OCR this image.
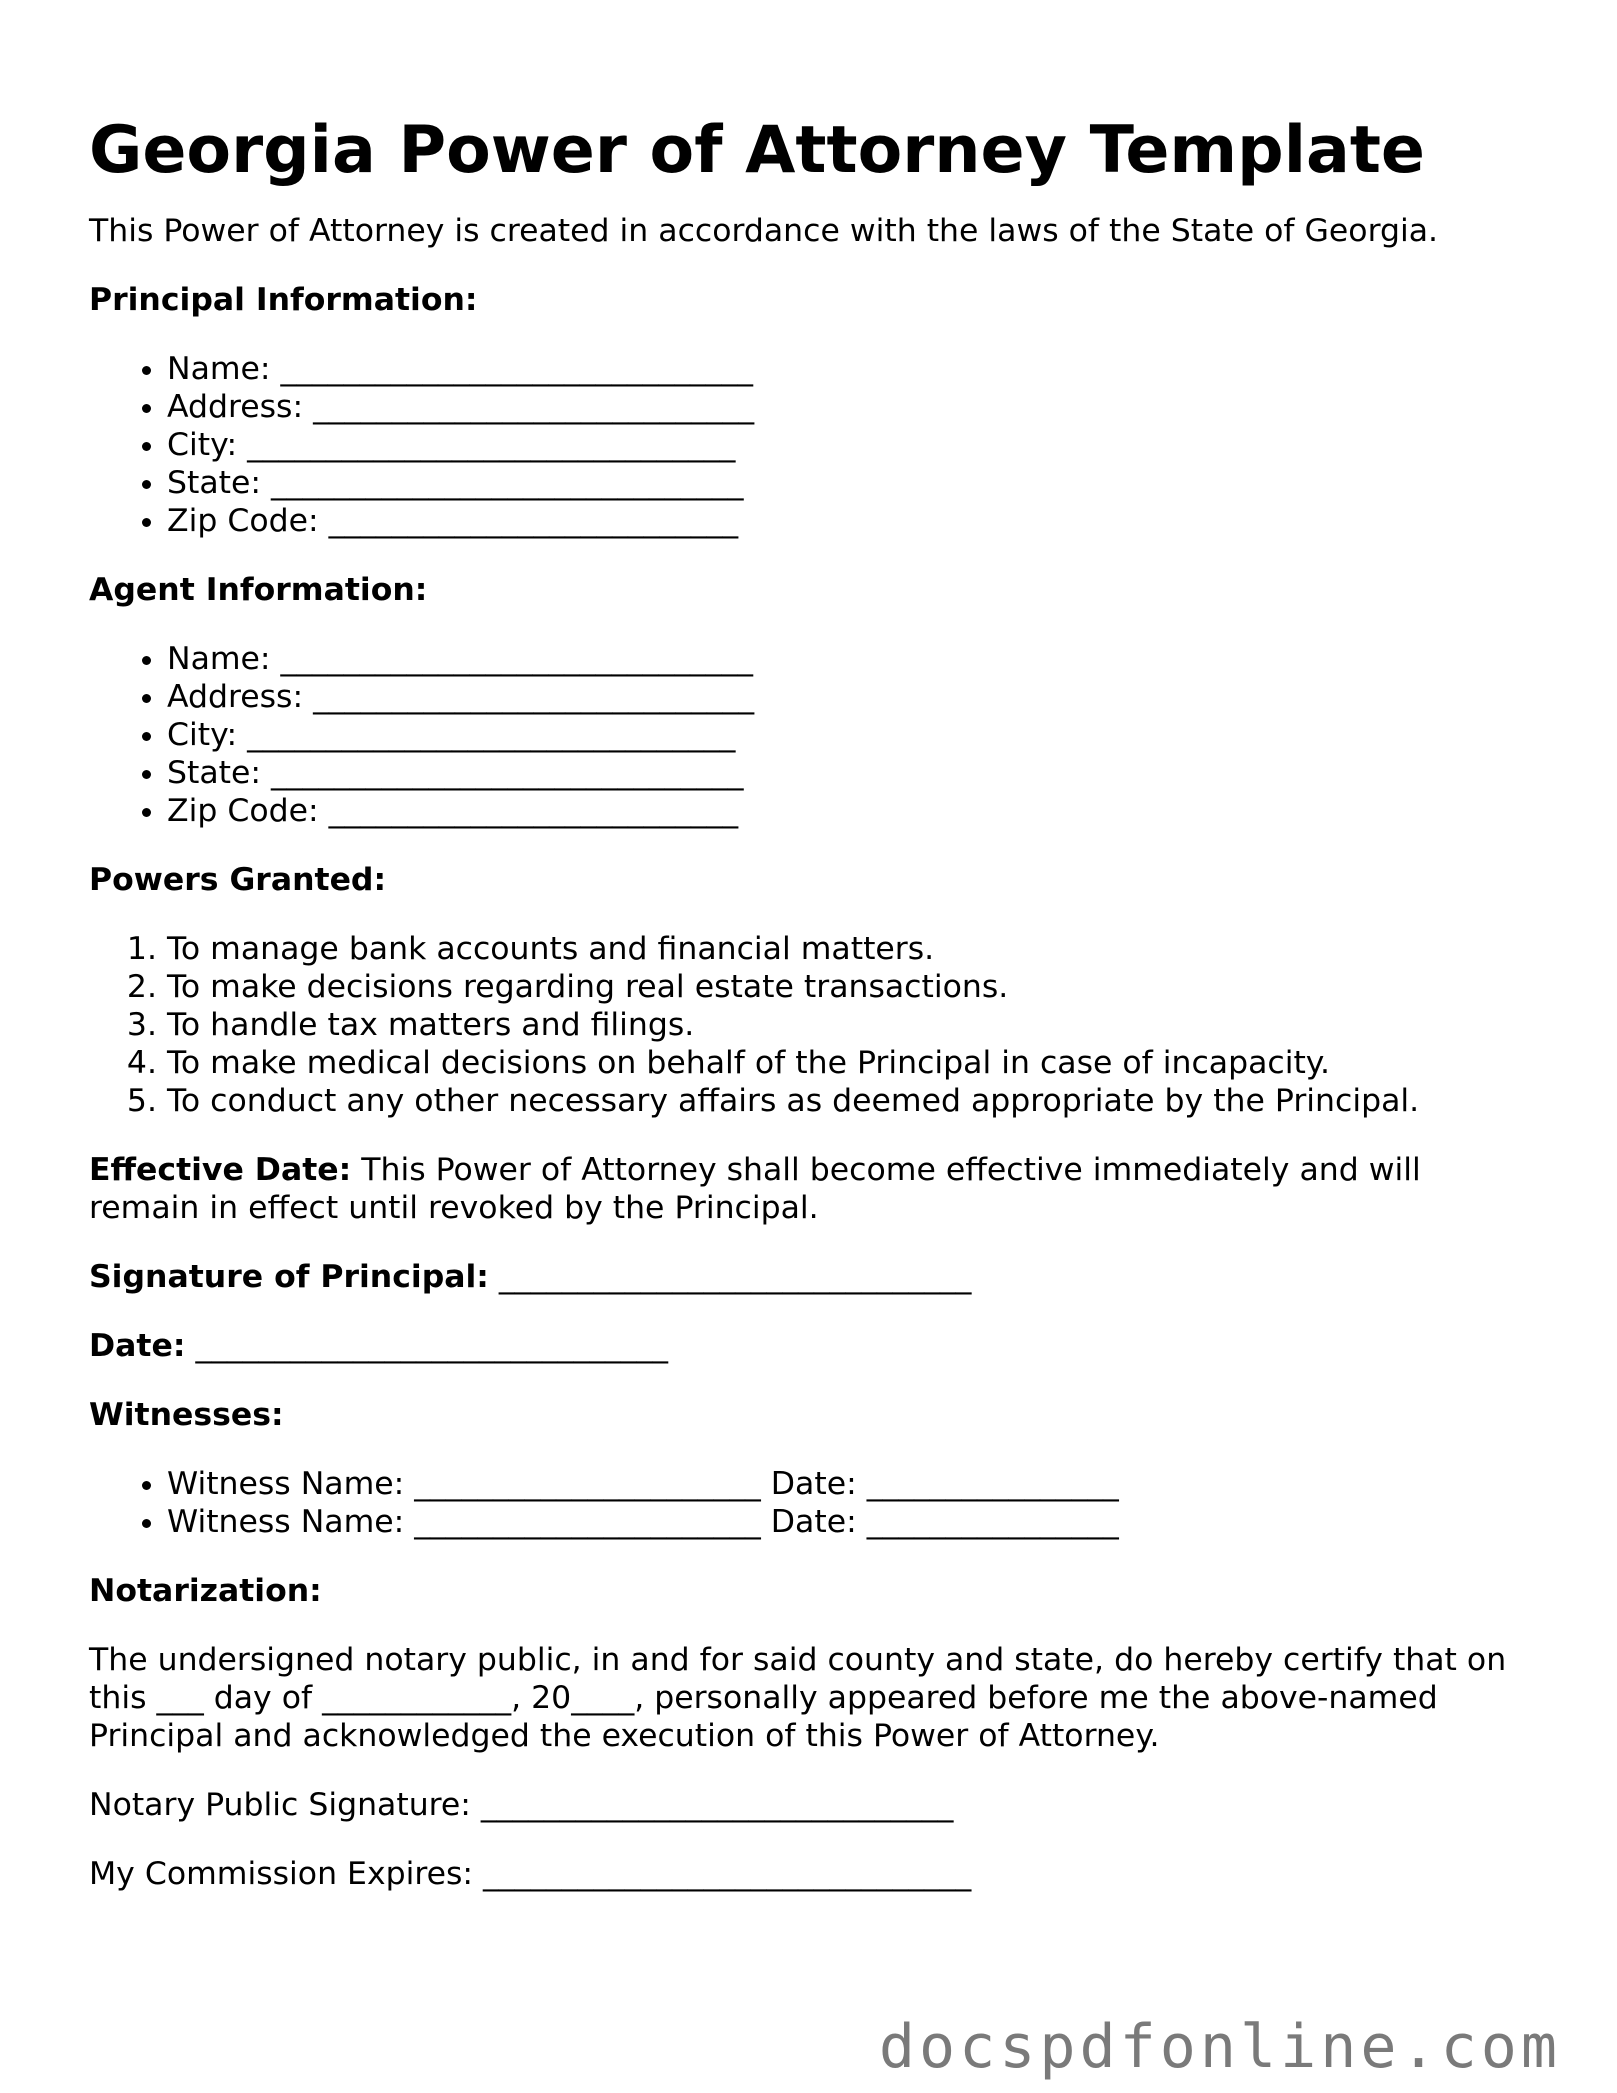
Georgia Power of Attorney Template

This Power of Attorney is created in accordance with the laws of the State of Georgia.

Principal Information:
• Name: ______________________________
• Address: ____________________________
• City: _______________________________
• State: ______________________________
• Zip Code: __________________________
Agent Information:
• Name: ______________________________
• Address: ____________________________
• City: _______________________________
• State: ______________________________
• Zip Code: __________________________
Powers Granted:
1. To manage bank accounts and financial matters.
2. To make decisions regarding real estate transactions.
3. To handle tax matters and filings.
4. To make medical decisions on behalf of the Principal in case of incapacity.
5. To conduct any other necessary affairs as deemed appropriate by the Principal.

Effective Date: This Power of Attorney shall become effective immediately and will remain in effect until revoked by the Principal.

Signature of Principal: ______________________________

Date: ______________________________

Witnesses:
• Witness Name: ______________________ Date: ________________
• Witness Name: ______________________ Date: ________________
Notarization:

The undersigned notary public, in and for said county and state, do hereby certify that on this ___ day of ____________, 20____, personally appeared before me the above-named Principal and acknowledged the execution of this Power of Attorney.

Notary Public Signature: ______________________________

My Commission Expires: _______________________________

docspdfonline.com
